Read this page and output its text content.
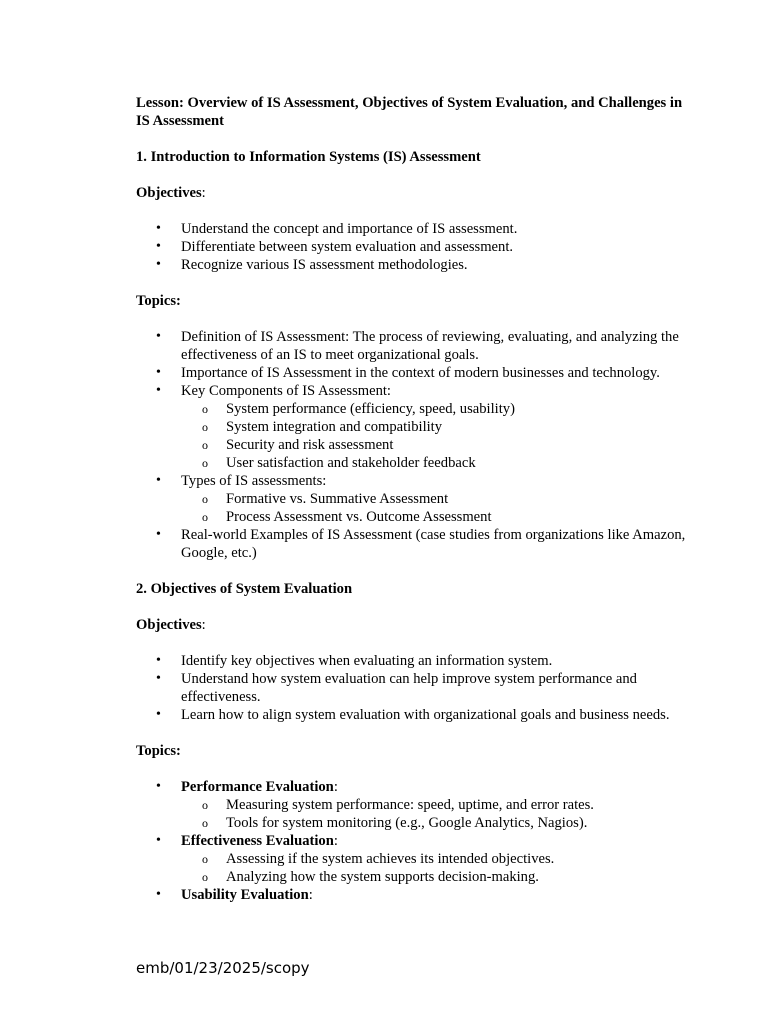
Lesson: Overview of IS Assessment, Objectives of System Evaluation, and Challenges in IS Assessment

1. Introduction to Information Systems (IS) Assessment

Objectives:

• Understand the concept and importance of IS assessment.
• Differentiate between system evaluation and assessment.
• Recognize various IS assessment methodologies.

Topics:

• Definition of IS Assessment: The process of reviewing, evaluating, and analyzing the effectiveness of an IS to meet organizational goals.
• Importance of IS Assessment in the context of modern businesses and technology.
• Key Components of IS Assessment:
o System performance (efficiency, speed, usability)
o System integration and compatibility
o Security and risk assessment
o User satisfaction and stakeholder feedback
• Types of IS assessments:
o Formative vs. Summative Assessment
o Process Assessment vs. Outcome Assessment
• Real-world Examples of IS Assessment (case studies from organizations like Amazon, Google, etc.)

2. Objectives of System Evaluation

Objectives:

• Identify key objectives when evaluating an information system.
• Understand how system evaluation can help improve system performance and effectiveness.
• Learn how to align system evaluation with organizational goals and business needs.

Topics:

• Performance Evaluation:
o Measuring system performance: speed, uptime, and error rates.
o Tools for system monitoring (e.g., Google Analytics, Nagios).
• Effectiveness Evaluation:
o Assessing if the system achieves its intended objectives.
o Analyzing how the system supports decision-making.
• Usability Evaluation:
emb/01/23/2025/scopy
